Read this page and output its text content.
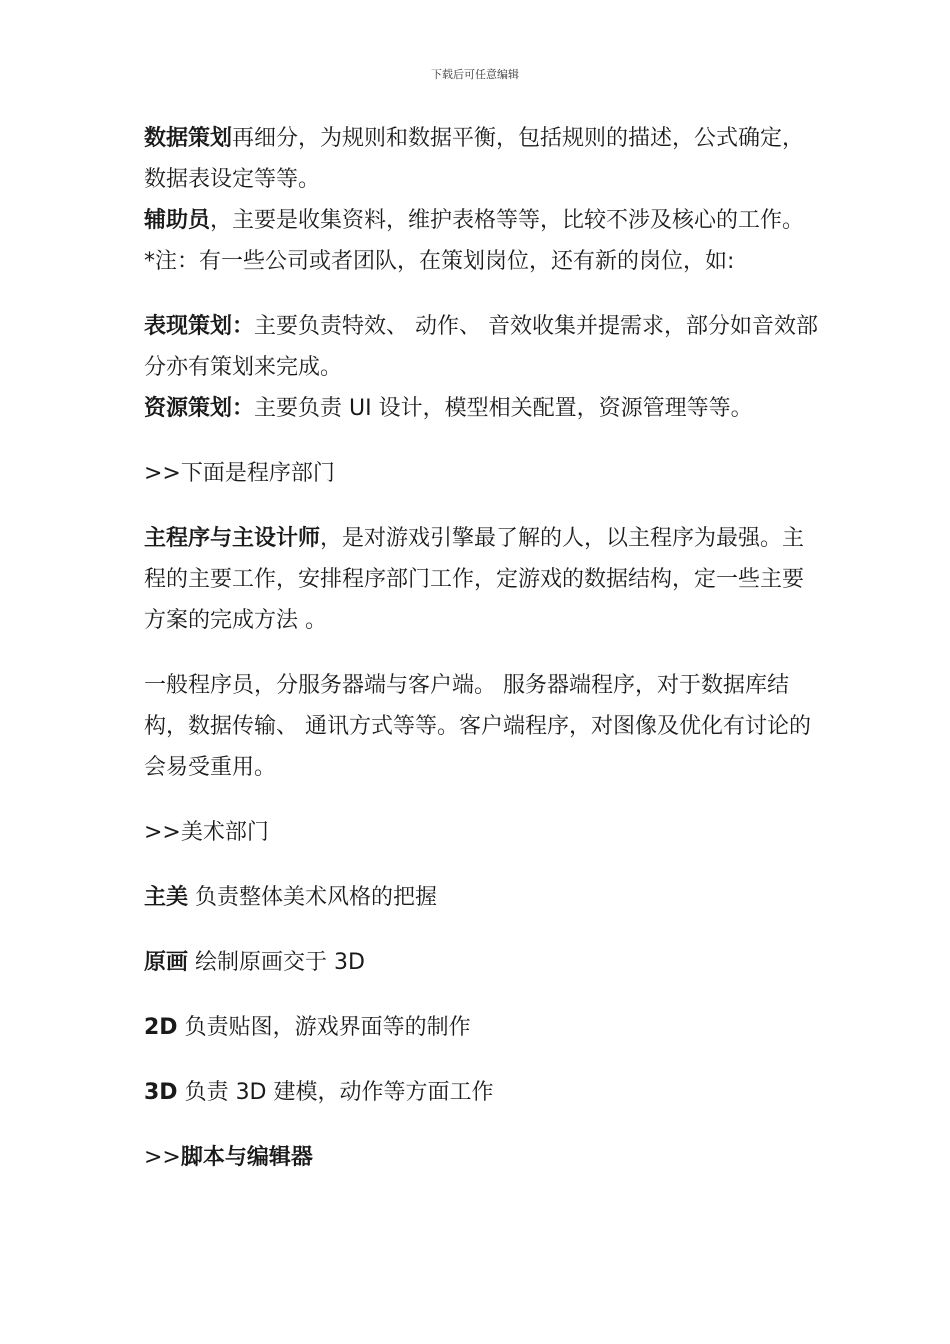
下载后可任意编辑

数据策划再细分，为规则和数据平衡，包括规则的描述，公式确定，数据表设定等等。

辅助员，主要是收集资料，维护表格等等，比较不涉及核心的工作。

*注：有一些公司或者团队，在策划岗位，还有新的岗位，如:

表现策划：主要负责特效、 动作、 音效收集并提需求，部分如音效部分亦有策划来完成。

资源策划：主要负责 UI 设计，模型相关配置，资源管理等等。

>>下面是程序部门

主程序与主设计师，是对游戏引擎最了解的人，以主程序为最强。主程的主要工作，安排程序部门工作，定游戏的数据结构，定一些主要方案的完成方法 。

一般程序员，分服务器端与客户端。 服务器端程序，对于数据库结构，数据传输、 通讯方式等等。客户端程序，对图像及优化有讨论的会易受重用。

>>美术部门

主美 负责整体美术风格的把握

原画 绘制原画交于 3D

2D 负责贴图，游戏界面等的制作

3D 负责 3D 建模，动作等方面工作

>>脚本与编辑器
